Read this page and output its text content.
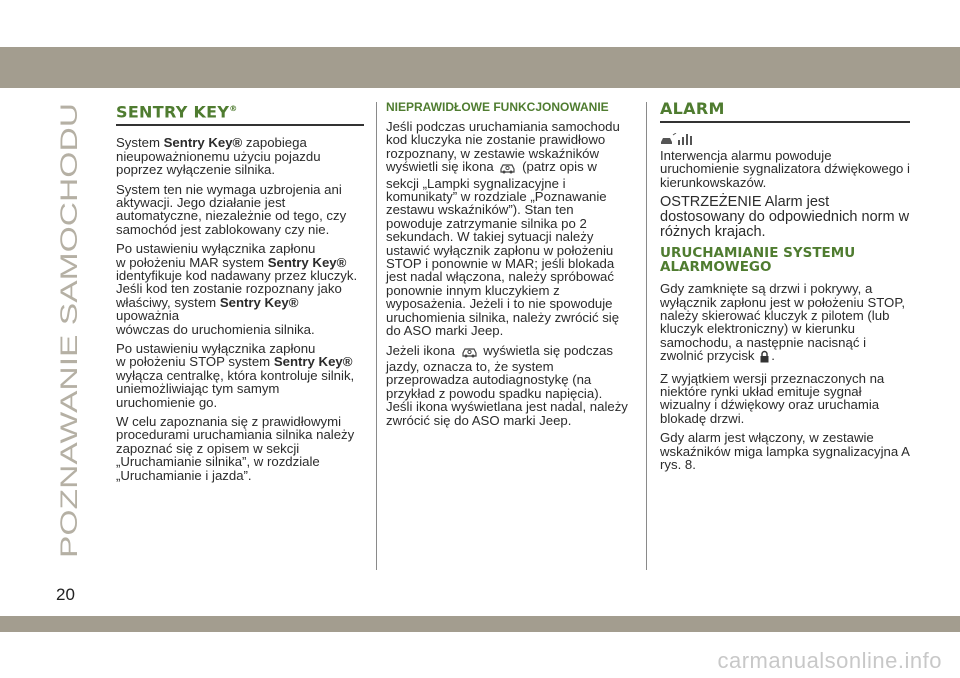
POZNAWANIE SAMOCHODU
SENTRY KEY®

System Sentry Key® zapobiega
nieupoważnionemu użyciu pojazdu
poprzez wyłączenie silnika.

System ten nie wymaga uzbrojenia ani aktywacji. Jego działanie jest automatyczne, niezależnie od tego, czy samochód jest zablokowany czy nie.

Po ustawieniu wyłącznika zapłonu
w położeniu MAR system Sentry Key®
identyfikuje kod nadawany przez kluczyk.
Jeśli kod ten zostanie rozpoznany jako
właściwy, system Sentry Key® upoważnia
wówczas do uruchomienia silnika.

Po ustawieniu wyłącznika zapłonu
w położeniu STOP system Sentry Key®
wyłącza centralkę, która kontroluje silnik,
uniemożliwiając tym samym
uruchomienie go.

W celu zapoznania się z prawidłowymi procedurami uruchamiania silnika należy zapoznać się z opisem w sekcji „Uruchamianie silnika”, w rozdziale „Uruchamianie i jazda”.

NIEPRAWIDŁOWE FUNKCJONOWANIE

Jeśli podczas uruchamiania samochodu kod kluczyka nie zostanie prawidłowo rozpoznany, w zestawie wskaźników wyświetli się ikona (patrz opis w sekcji „Lampki sygnalizacyjne i komunikaty” w rozdziale „Poznawanie zestawu wskaźników”). Stan ten powoduje zatrzymanie silnika po 2 sekundach. W takiej sytuacji należy ustawić wyłącznik zapłonu w położeniu STOP i ponownie w MAR; jeśli blokada jest nadal włączona, należy spróbować ponownie innym kluczykiem z wyposażenia. Jeżeli i to nie spowoduje uruchomienia silnika, należy zwrócić się do ASO marki Jeep.

Jeżeli ikona wyświetla się podczas jazdy, oznacza to, że system przeprowadza autodiagnostykę (na przykład z powodu spadku napięcia). Jeśli ikona wyświetlana jest nadal, należy zwrócić się do ASO marki Jeep.

ALARM

Interwencja alarmu powoduje uruchomienie sygnalizatora dźwiękowego i kierunkowskazów.

OSTRZEŻENIE Alarm jest dostosowany do odpowiednich norm w różnych krajach.

URUCHAMIANIE SYSTEMU
ALARMOWEGO

Gdy zamknięte są drzwi i pokrywy, a wyłącznik zapłonu jest w położeniu STOP, należy skierować kluczyk z pilotem (lub kluczyk elektroniczny) w kierunku samochodu, a następnie nacisnąć i zwolnić przycisk .

Z wyjątkiem wersji przeznaczonych na niektóre rynki układ emituje sygnał wizualny i dźwiękowy oraz uruchamia blokadę drzwi.

Gdy alarm jest włączony, w zestawie wskaźników miga lampka sygnalizacyjna A rys. 8.

20
carmanualsonline.info
